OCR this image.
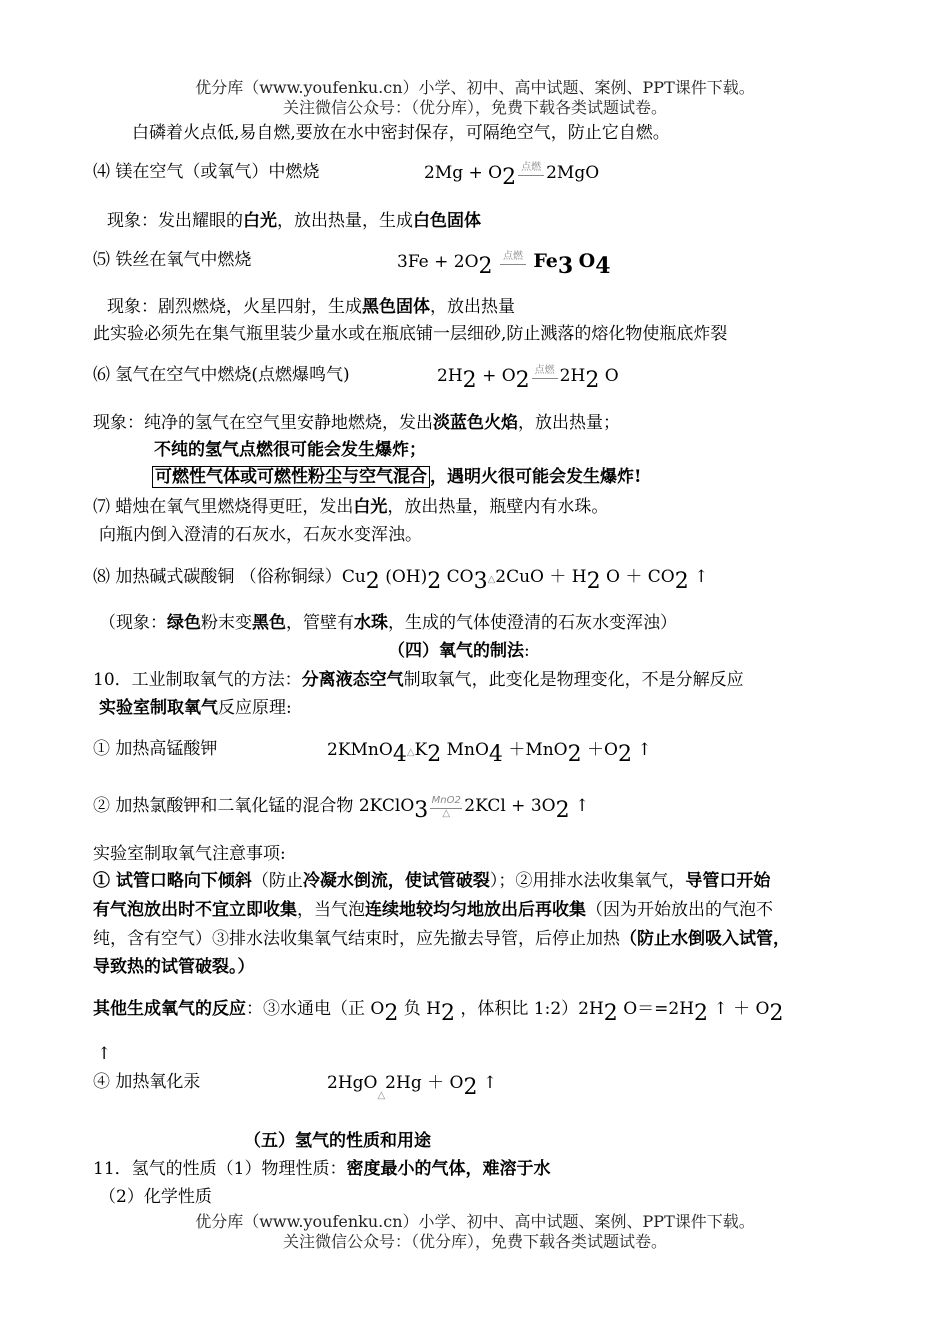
优分库（www.youfenku.cn）小学、初中、高中试题、案例、PPT课件下载。
关注微信公众号：（优分库），免费下载各类试题试卷。
白磷着火点低,易自燃,要放在水中密封保存，可隔绝空气，防止它自燃。
⑷ 镁在空气（或氧气）中燃烧	2Mg + O2 点燃 2MgO
现象：发出耀眼的白光，放出热量，生成白色固体
⑸ 铁丝在氧气中燃烧	3Fe + 2O2	点燃 Fe3 O4
现象：剧烈燃烧，火星四射，生成黑色固体，放出热量
此实验必须先在集气瓶里装少量水或在瓶底铺一层细砂,防止溅落的熔化物使瓶底炸裂
⑹ 氢气在空气中燃烧(点燃爆鸣气)	2H2 + O2 点燃 2H2 O
现象：纯净的氢气在空气里安静地燃烧，发出淡蓝色火焰，放出热量；
不纯的氢气点燃很可能会发生爆炸；
可燃性气体或可燃性粉尘与空气混合 ，遇明火很可能会发生爆炸!
⑺ 蜡烛在氧气里燃烧得更旺，发出白光，放出热量，瓶壁内有水珠。
向瓶内倒入澄清的石灰水，石灰水变浑浊。
⑻ 加热碱式碳酸铜 （俗称铜绿）Cu2 (OH)2 CO3△2CuO ＋ H2 O ＋ CO2 ↑
（现象：绿色粉末变黑色，管壁有水珠，生成的气体使澄清的石灰水变浑浊）
（四）氧气的制法:
10．工业制取氧气的方法：分离液态空气制取氧气，此变化是物理变化，不是分解反应
实验室制取氧气反应原理:
① 加热高锰酸钾	2KMnO4△K2 MnO4 ＋MnO2 ＋O2 ↑
② 加热氯酸钾和二氧化锰的混合物 2KClO3 MnO2
△ 2KCl + 3O2 ↑
实验室制取氧气注意事项:
① 试管口略向下倾斜（防止冷凝水倒流，使试管破裂）；②用排水法收集氧气，导管口开始
有气泡放出时不宜立即收集，当气泡连续地较均匀地放出后再收集（因为开始放出的气泡不
纯，含有空气）③排水法收集氧气结束时，应先撤去导管，后停止加热（防止水倒吸入试管，
导致热的试管破裂。）
其他生成氧气的反应：③水通电（正 O2 负 H2 ，体积比 1:2）2H2 O＝=2H2 ↑ ＋ O2
↑
④ 加热氧化汞	2HgO△2Hg ＋ O2 ↑
（五）氢气的性质和用途
11．氢气的性质（1）物理性质：密度最小的气体，难溶于水
（2）化学性质
优分库（www.youfenku.cn）小学、初中、高中试题、案例、PPT课件下载。
关注微信公众号：（优分库），免费下载各类试题试卷。
